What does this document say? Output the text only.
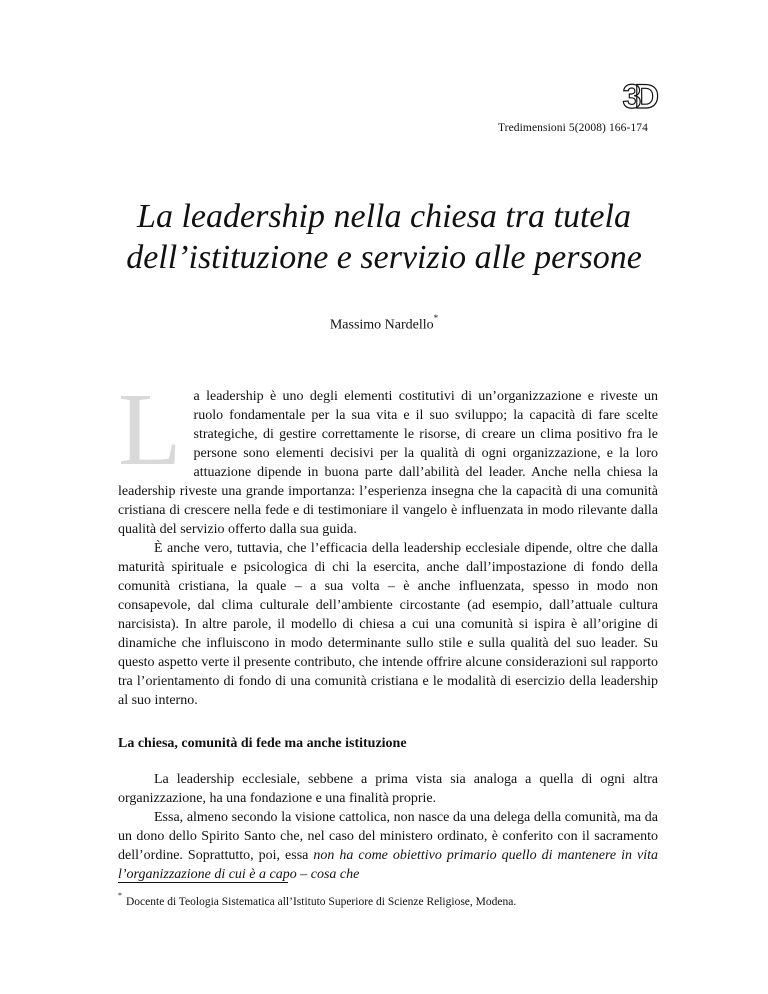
3D
Tredimensioni 5(2008) 166-174
La leadership nella chiesa tra tutela
dell’istituzione e servizio alle persone
Massimo Nardello*

La leadership è uno degli elementi costitutivi di un’organizzazione e riveste un ruolo fondamentale per la sua vita e il suo sviluppo; la capacità di fare scelte strategiche, di gestire correttamente le risorse, di creare un clima positivo fra le persone sono elementi decisivi per la qualità di ogni organizzazione, e la loro attuazione dipende in buona parte dall’abilità del leader. Anche nella chiesa la leadership riveste una grande importanza: l’esperienza insegna che la capacità di una comunità cristiana di crescere nella fede e di testimoniare il vangelo è influenzata in modo rilevante dalla qualità del servizio offerto dalla sua guida.

È anche vero, tuttavia, che l’efficacia della leadership ecclesiale dipende, oltre che dalla maturità spirituale e psicologica di chi la esercita, anche dall’impostazione di fondo della comunità cristiana, la quale – a sua volta – è anche influenzata, spesso in modo non consapevole, dal clima culturale dell’ambiente circostante (ad esempio, dall’attuale cultura narcisista). In altre parole, il modello di chiesa a cui una comunità si ispira è all’origine di dinamiche che influiscono in modo determinante sullo stile e sulla qualità del suo leader. Su questo aspetto verte il presente contributo, che intende offrire alcune considerazioni sul rapporto tra l’orientamento di fondo di una comunità cristiana e le modalità di esercizio della leadership al suo interno.

La chiesa, comunità di fede ma anche istituzione

La leadership ecclesiale, sebbene a prima vista sia analoga a quella di ogni altra organizzazione, ha una fondazione e una finalità proprie.

Essa, almeno secondo la visione cattolica, non nasce da una delega della comunità, ma da un dono dello Spirito Santo che, nel caso del ministero ordinato, è conferito con il sacramento dell’ordine. Soprattutto, poi, essa non ha come obiettivo primario quello di mantenere in vita l’organizzazione di cui è a capo – cosa che

*Docente di Teologia Sistematica all’Istituto Superiore di Scienze Religiose, Modena.
